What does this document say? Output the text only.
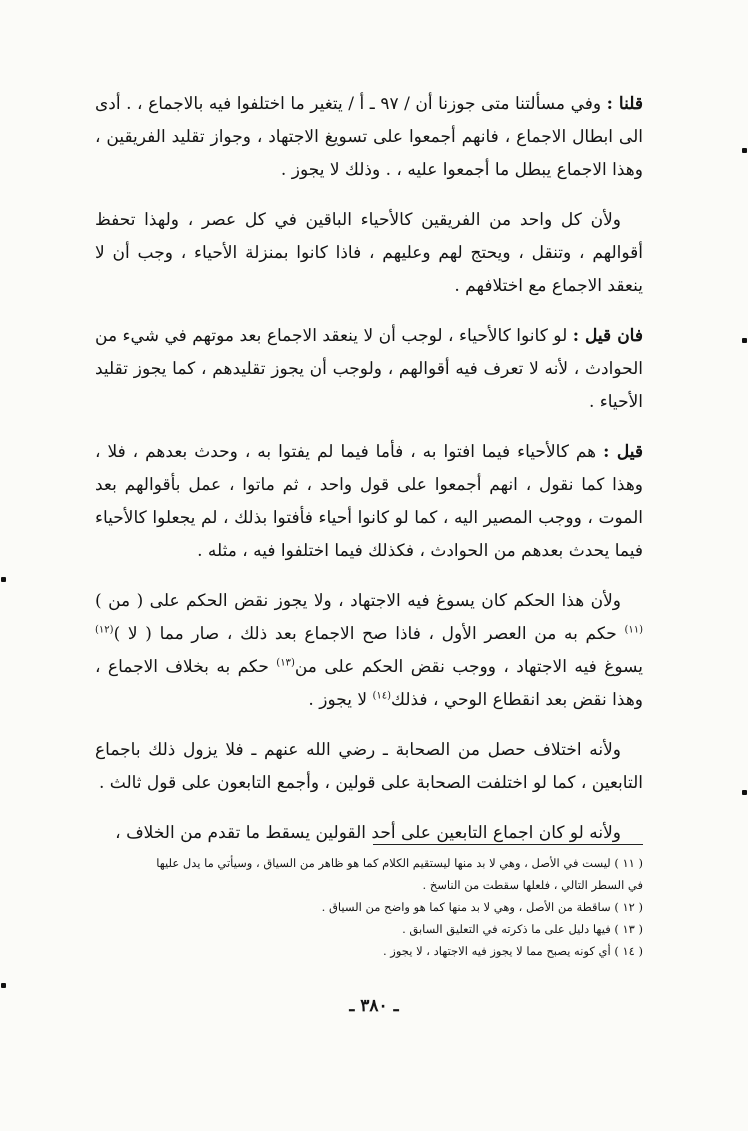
قلنا : وفي مسألتنا متى جوزنا أن / ٩٧ ـ أ / يتغير ما اختلفوا فيه بالاجماع ، . أدى الى ابطال الاجماع ، فانهم أجمعوا على تسويغ الاجتهاد ، وجواز تقليد الفريقين ، وهذا الاجماع يبطل ما أجمعوا عليه ، . وذلك لا يجوز .

ولأن كل واحد من الفريقين كالأحياء الباقين في كل عصر ، ولهذا تحفظ أقوالهم ، وتنقل ، ويحتج لهم وعليهم ، فاذا كانوا بمنزلة الأحياء ، وجب أن لا ينعقد الاجماع مع اختلافهم .

فان قيل : لو كانوا كالأحياء ، لوجب أن لا ينعقد الاجماع بعد موتهم في شيء من الحوادث ، لأنه لا تعرف فيه أقوالهم ، ولوجب أن يجوز تقليدهم ، كما يجوز تقليد الأحياء .

قيل : هم كالأحياء فيما افتوا به ، فأما فيما لم يفتوا به ، وحدث بعدهم ، فلا ، وهذا كما نقول ، انهم أجمعوا على قول واحد ، ثم ماتوا ، عمل بأقوالهم بعد الموت ، ووجب المصير اليه ، كما لو كانوا أحياء فأفتوا بذلك ، لم يجعلوا كالأحياء فيما يحدث بعدهم من الحوادث ، فكذلك فيما اختلفوا فيه ، مثله .

ولأن هذا الحكم كان يسوغ فيه الاجتهاد ، ولا يجوز نقض الحكم على ( من )$^{(١١)}$ حكم به من العصر الأول ، فاذا صح الاجماع بعد ذلك ، صار مما ( لا )$^{(١٢)}$ يسوغ فيه الاجتهاد ، ووجب نقض الحكم على من$^{(١٣)}$ حكم به بخلاف الاجماع ، وهذا نقض بعد انقطاع الوحي ، فذلك$^{(١٤)}$ لا يجوز .

ولأنه اختلاف حصل من الصحابة ـ رضي الله عنهم ـ فلا يزول ذلك باجماع التابعين ، كما لو اختلفت الصحابة على قولين ، وأجمع التابعون على قول ثالث .

ولأنه لو كان اجماع التابعين على أحد القولين يسقط ما تقدم من الخلاف ،

( ١١ ) ليست في الأصل ، وهي لا بد منها ليستقيم الكلام كما هو ظاهر من السياق ، وسيأتي ما يدل عليها

في السطر التالي ، فلعلها سقطت من الناسخ .

( ١٢ ) ساقطة من الأصل ، وهي لا بد منها كما هو واضح من السياق .

( ١٣ ) فيها دليل على ما ذكرته في التعليق السابق .

( ١٤ ) أي كونه يصبح مما لا يجوز فيه الاجتهاد ، لا يجوز .

ـ ٣٨٠ ـ
